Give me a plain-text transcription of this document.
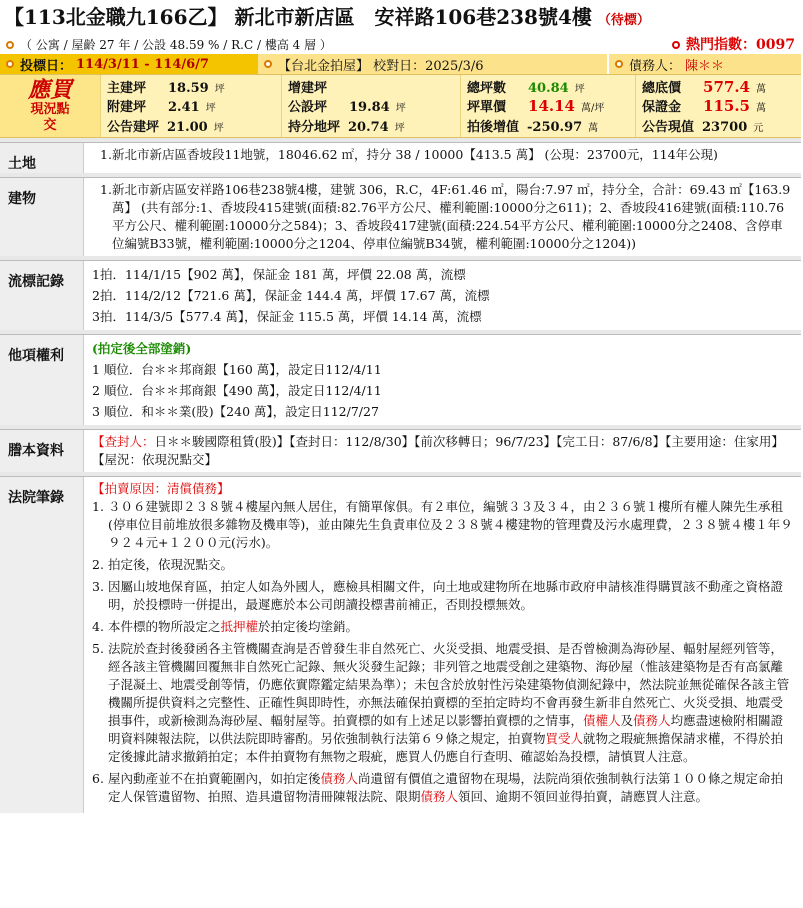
【113北金職九166乙】 新北市新店區　安祥路106巷238號4樓 （待標）
（ 公寓 / 屋齡 27 年 / 公設 48.59 % / R.C / 樓高 4 層 ）	熱門指數：0097
投標日： 114/3/11 - 114/6/7	【台北金拍屋】 校對日：2025/3/6	債務人： 陳＊＊
應買
現況點
交
主建坪 18.59 坪
附建坪 2.41 坪
公告建坪 21.00 坪
增建坪
公設坪 19.84 坪
持分地坪 20.74 坪
總坪數 40.84 坪
坪單價 14.14 萬/坪
拍後增值 -250.97 萬
總底價 577.4 萬
保證金 115.5 萬
公告現值 23700 元
土地
1. 新北市新店區香坡段11地號，18046.62 ㎡，持分 38 / 10000【413.5 萬】 (公現：23700元，114年公現)
建物
1. 新北市新店區安祥路106巷238號4樓，建號 306，R.C，4F:61.46 ㎡，陽台:7.97 ㎡，持分全，合計：69.43 ㎡【163.9 萬】 (共有部分:1、香坡段415建號(面積:82.76平方公尺、權利範圍:10000分之611)；2、香坡段416建號(面積:110.76平方公尺、權利範圍:10000分之584)；3、香坡段417建號(面積:224.54平方公尺、權利範圍:10000分之2408、含停車位編號B33號，權利範圍:10000分之1204、停車位編號B34號，權利範圍:10000分之1204))
流標記錄	1拍．114/1/15【902 萬】，保証金 181 萬，坪價 22.08 萬，流標
2拍．114/2/12【721.6 萬】，保証金 144.4 萬，坪價 17.67 萬，流標
3拍．114/3/5【577.4 萬】，保証金 115.5 萬，坪價 14.14 萬，流標
他項權利	(拍定後全部塗銷)
1 順位．台＊＊邦商銀【160 萬】，設定日112/4/11
2 順位．台＊＊邦商銀【490 萬】，設定日112/4/11
3 順位．和＊＊業(股)【240 萬】，設定日112/7/27
謄本資料
【查封人：日＊＊駿國際租賃(股)】【查封日：112/8/30】【前次移轉日；96/7/23】【完工日：87/6/8】【主要用途：住家用】【屋況：依現況點交】
法院筆錄
【拍賣原因：清償債務】
1. ３０６建號即２３８號４樓屋內無人居住，有簡單傢俱。有２車位，編號３３及３４，由２３６號１樓所有權人陳先生承租(停車位目前堆放很多雜物及機車等)，並由陳先生負責車位及２３８號４樓建物的管理費及污水處理費，２３８號４樓１年９９２４元+１２００元(污水)。
2. 拍定後，依現況點交。
3. 因屬山坡地保育區，拍定人如為外國人，應檢具相關文件，向土地或建物所在地縣市政府申請核准得購買該不動產之資格證明，於投標時一併提出，最遲應於本公司朗讀投標書前補正，否則投標無效。
4. 本件標的物所設定之抵押權於拍定後均塗銷。
5. 法院於查封後發函各主管機關查詢是否曾發生非自然死亡、火災受損、地震受損、是否曾檢測為海砂屋、輻射屋經列管等，經各該主管機關回覆無非自然死亡記錄、無火災發生記錄；非列管之地震受創之建築物、海砂屋（惟該建築物是否有高氯離子混凝土、地震受創等情，仍應依實際鑑定結果為準）；未包含於放射性污染建築物偵測紀錄中，然法院並無從確保各該主管機關所提供資料之完整性、正確性與即時性，亦無法確保拍賣標的至拍定時均不會再發生新非自然死亡、火災受損、地震受損事件，或新檢測為海砂屋、輻射屋等。拍賣標的如有上述足以影響拍賣標的之情事，債權人及債務人均應盡速檢附相關證明資料陳報法院，以供法院即時審酌。另依強制執行法第６９條之規定，拍賣物買受人就物之瑕疵無擔保請求權，不得於拍定後據此請求撤銷拍定；本件拍賣物有無物之瑕疵，應買人仍應自行查明、確認始為投標，請慎買人注意。
6. 屋內動產並不在拍賣範圍內，如拍定後債務人尚遺留有價值之遺留物在現場，法院尚須依強制執行法第１００條之規定命拍定人保管遺留物、拍照、造具遺留物清冊陳報法院、限期債務人領回、逾期不領回並得拍賣，請應買人注意。
